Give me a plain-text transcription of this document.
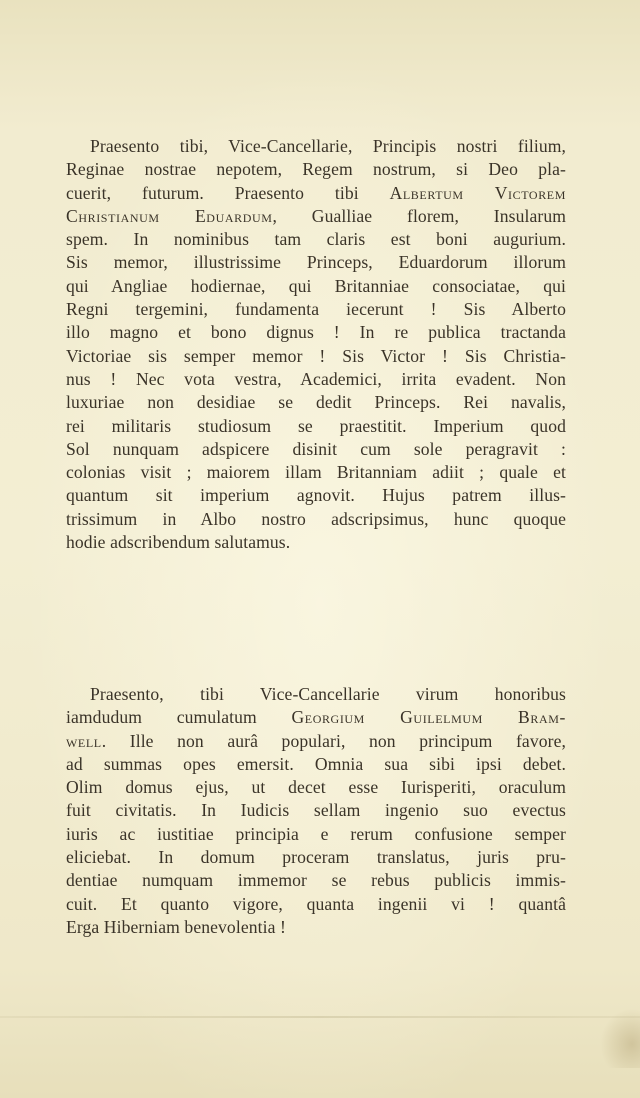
Praesento tibi, Vice-Cancellarie, Principis nostri filium,
Reginae nostrae nepotem, Regem nostrum, si Deo pla-
cuerit, futurum. Praesento tibi Albertum Victorem
Christianum Eduardum, Gualliae florem, Insularum
spem. In nominibus tam claris est boni augurium.
Sis memor, illustrissime Princeps, Eduardorum illorum
qui Angliae hodiernae, qui Britanniae consociatae, qui
Regni tergemini, fundamenta iecerunt ! Sis Alberto
illo magno et bono dignus ! In re publica tractanda
Victoriae sis semper memor ! Sis Victor ! Sis Christia-
nus ! Nec vota vestra, Academici, irrita evadent. Non
luxuriae non desidiae se dedit Princeps. Rei navalis,
rei militaris studiosum se praestitit. Imperium quod
Sol nunquam adspicere disinit cum sole peragravit :
colonias visit ; maiorem illam Britanniam adiit ; quale et
quantum sit imperium agnovit. Hujus patrem illus-
trissimum in Albo nostro adscripsimus, hunc quoque
hodie adscribendum salutamus.

Praesento, tibi Vice-Cancellarie virum honoribus
iamdudum cumulatum Georgium Guilelmum Bram-
well. Ille non aurâ populari, non principum favore,
ad summas opes emersit. Omnia sua sibi ipsi debet.
Olim domus ejus, ut decet esse Iurisperiti, oraculum
fuit civitatis. In Iudicis sellam ingenio suo evectus
iuris ac iustitiae principia e rerum confusione semper
eliciebat. In domum proceram translatus, juris pru-
dentiae numquam immemor se rebus publicis immis-
cuit. Et quanto vigore, quanta ingenii vi ! quantâ
Erga Hiberniam benevolentia !
